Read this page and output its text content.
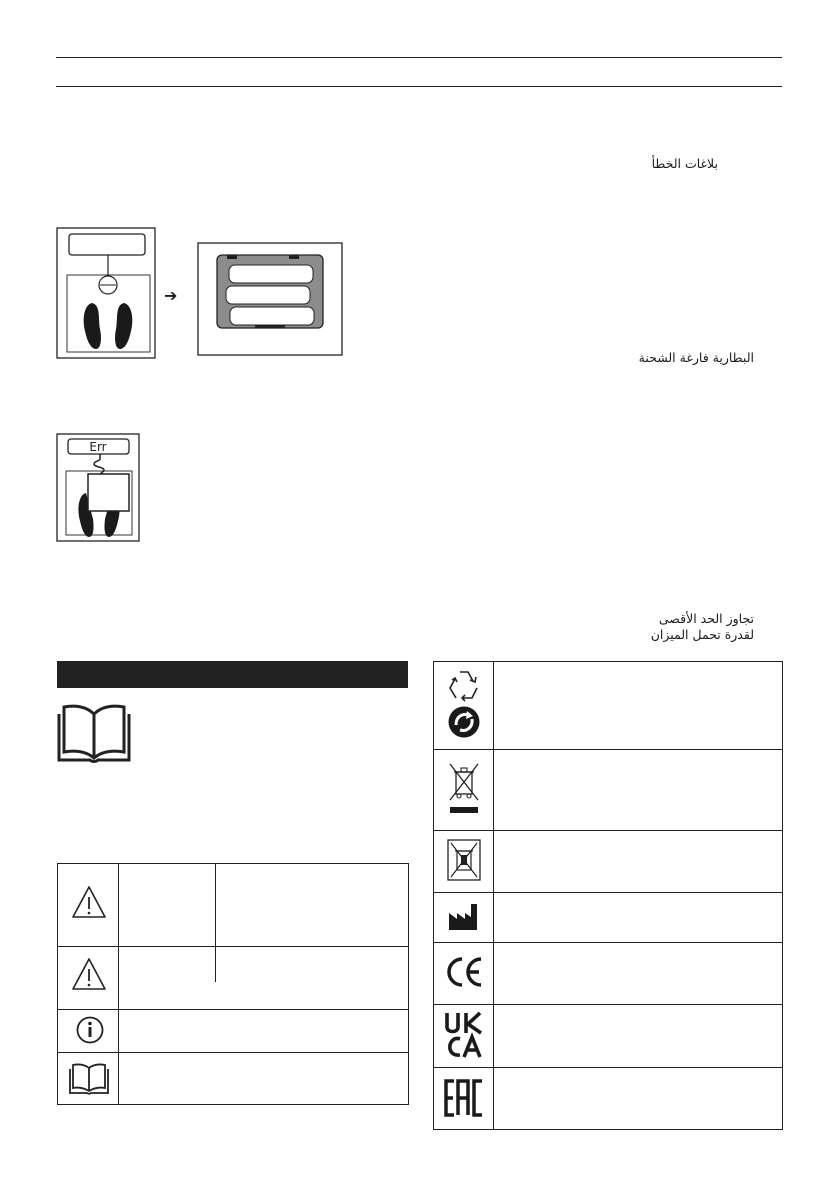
بلاغات الخطأ
➔
البطارية فارغة الشحنة
Err
تجاوز الحد الأقصى
لقدرة تحمل الميزان
